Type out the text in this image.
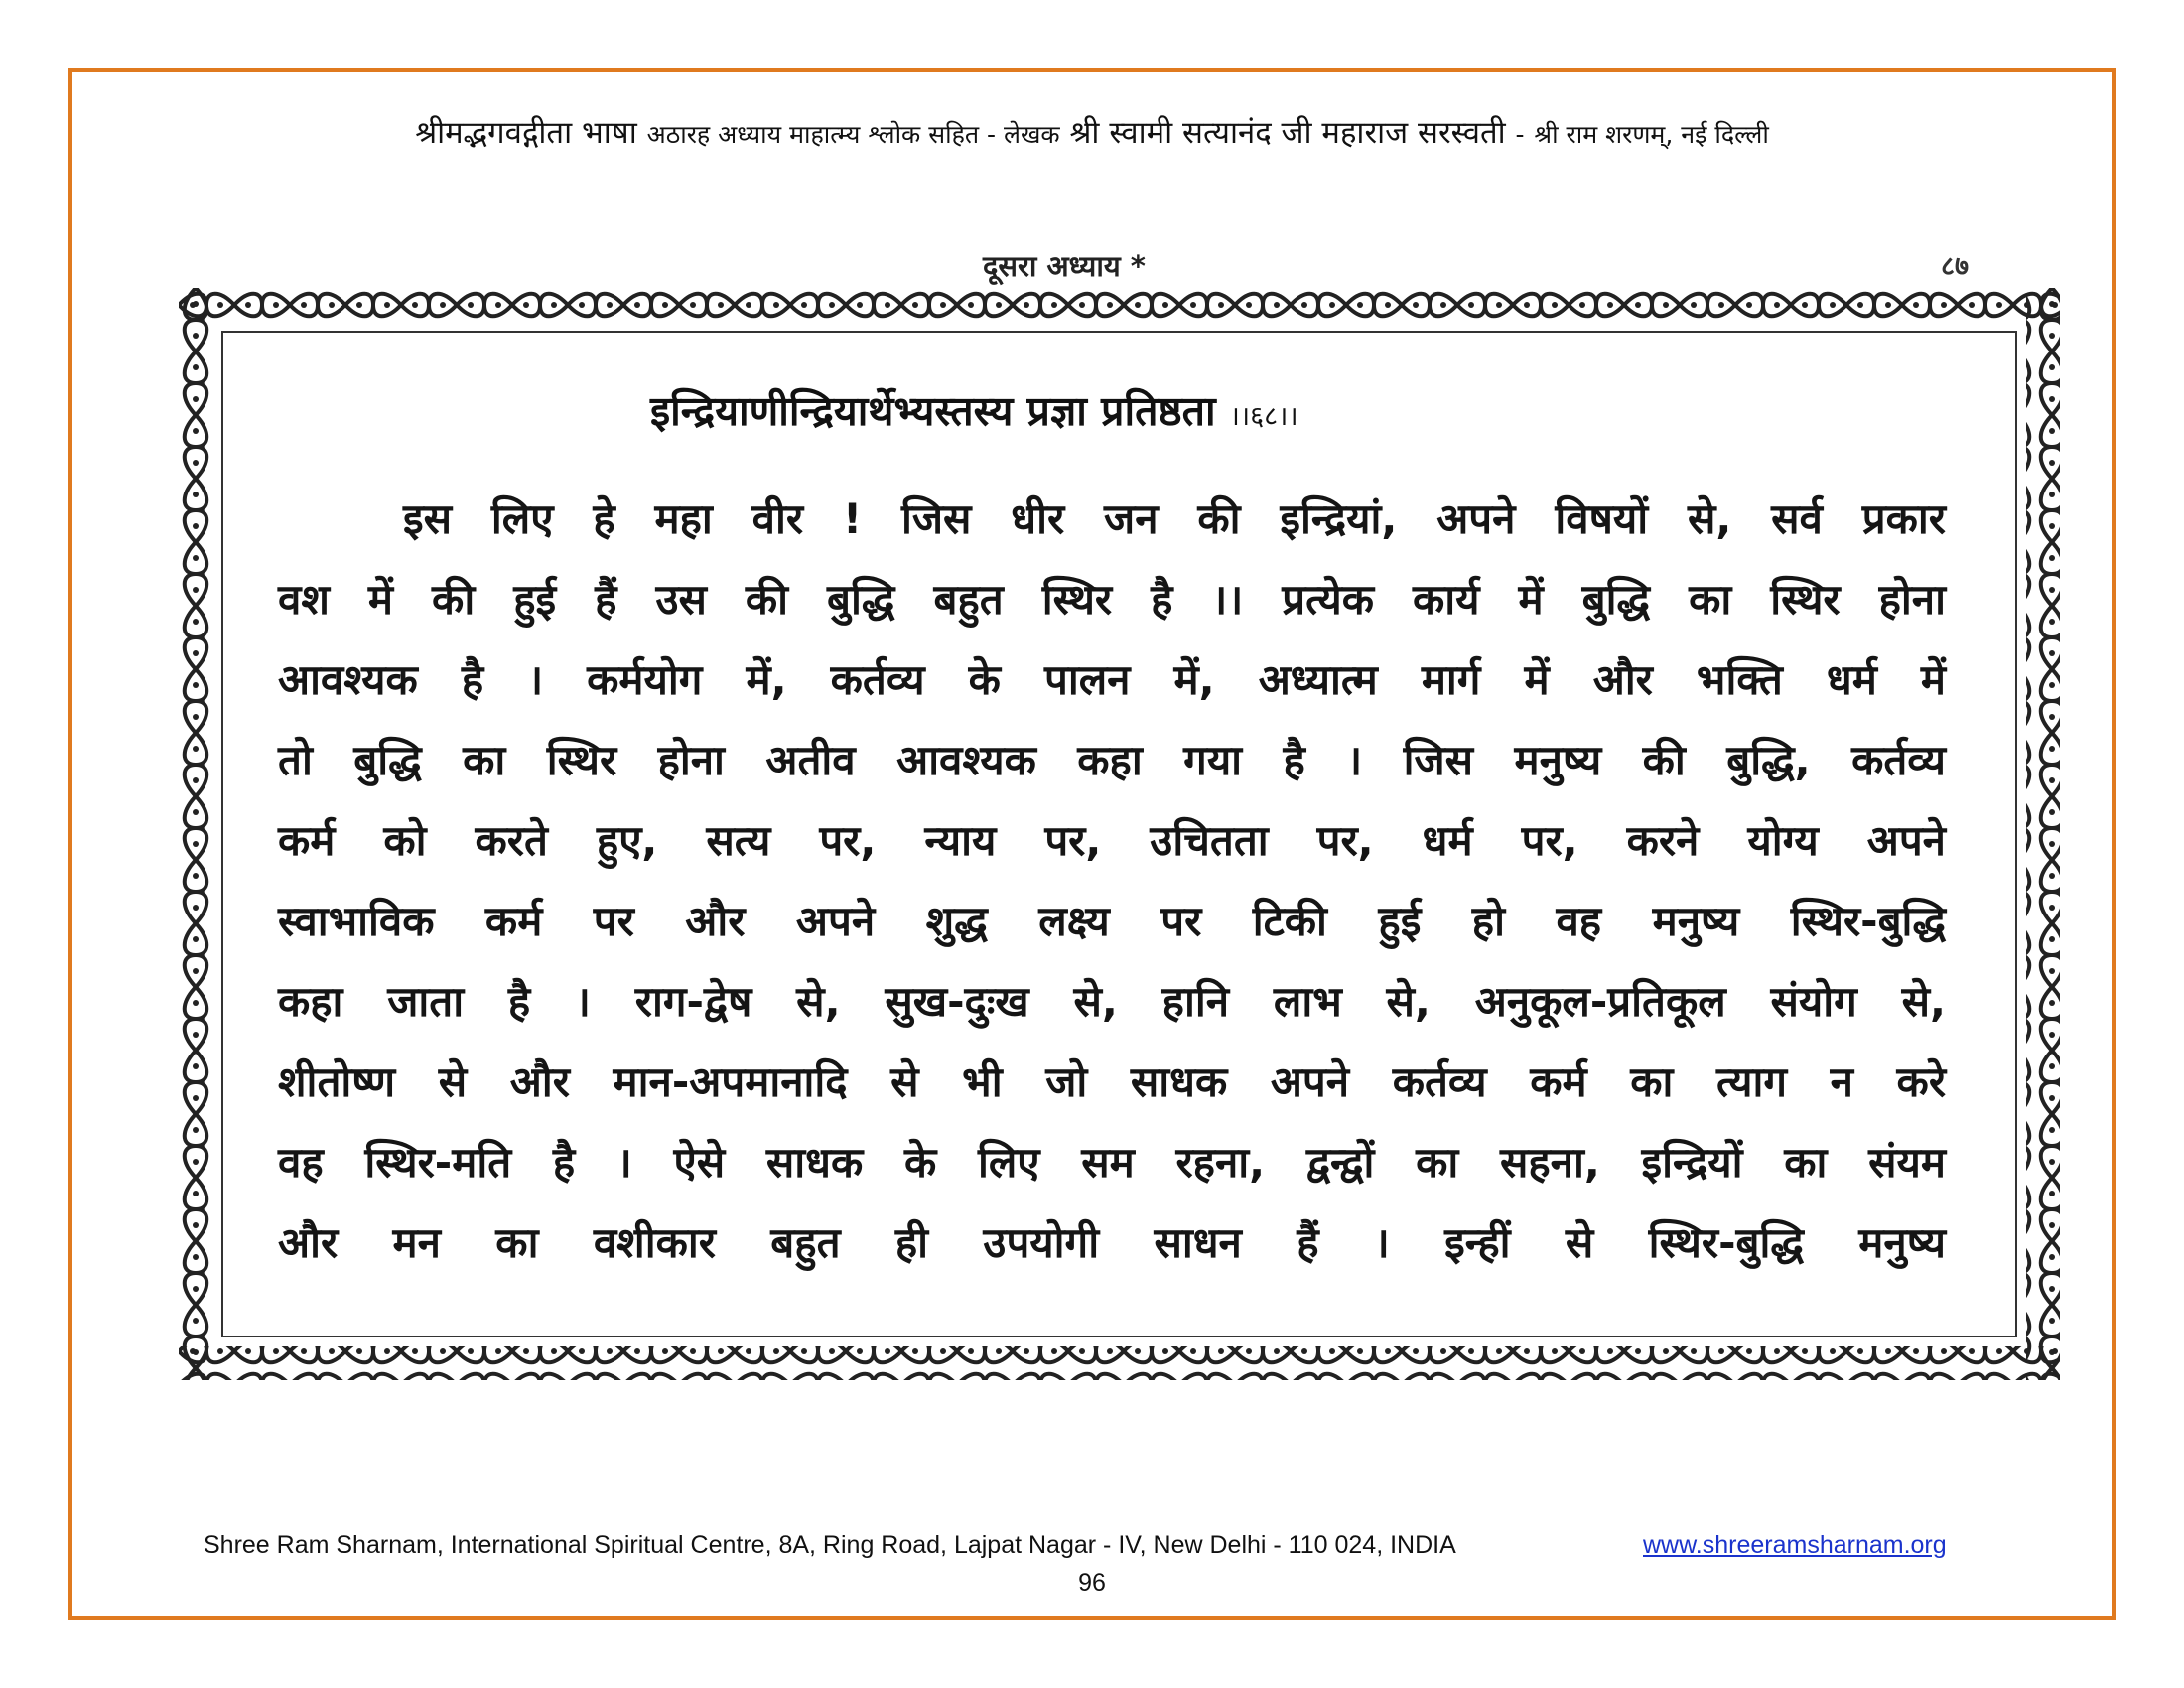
श्रीमद्भगवद्गीता भाषा अठारह अध्याय माहात्म्य श्लोक सहित - लेखक श्री स्वामी सत्यानंद जी महाराज सरस्वती - श्री राम शरणम्, नई दिल्ली
दूसरा अध्याय *	८७
इन्द्रियाणीन्द्रियार्थेभ्यस्तस्य प्रज्ञा प्रतिष्ठता ।।६८।।
इस लिए हे महा वीर ! जिस धीर जन की इन्द्रियां, अपने विषयों से, सर्व प्रकार
वश में की हुई हैं उस की बुद्धि बहुत स्थिर है ।। प्रत्येक कार्य में बुद्धि का स्थिर होना
आवश्यक है । कर्मयोग में, कर्तव्य के पालन में, अध्यात्म मार्ग में और भक्ति धर्म में
तो बुद्धि का स्थिर होना अतीव आवश्यक कहा गया है । जिस मनुष्य की बुद्धि, कर्तव्य
कर्म को करते हुए, सत्य पर, न्याय पर, उचितता पर, धर्म पर, करने योग्य अपने
स्वाभाविक कर्म पर और अपने शुद्ध लक्ष्य पर टिकी हुई हो वह मनुष्य स्थिर-बुद्धि
कहा जाता है । राग-द्वेष से, सुख-दुःख से, हानि लाभ से, अनुकूल-प्रतिकूल संयोग से,
शीतोष्ण से और मान-अपमानादि से भी जो साधक अपने कर्तव्य कर्म का त्याग न करे
वह स्थिर-मति है । ऐसे साधक के लिए सम रहना, द्वन्द्वों का सहना, इन्द्रियों का संयम
और मन का वशीकार बहुत ही उपयोगी साधन हैं । इन्हीं से स्थिर-बुद्धि मनुष्य
Shree Ram Sharnam, International Spiritual Centre, 8A, Ring Road, Lajpat Nagar - IV, New Delhi - 110 024, INDIA	www.shreeramsharnam.org
96
